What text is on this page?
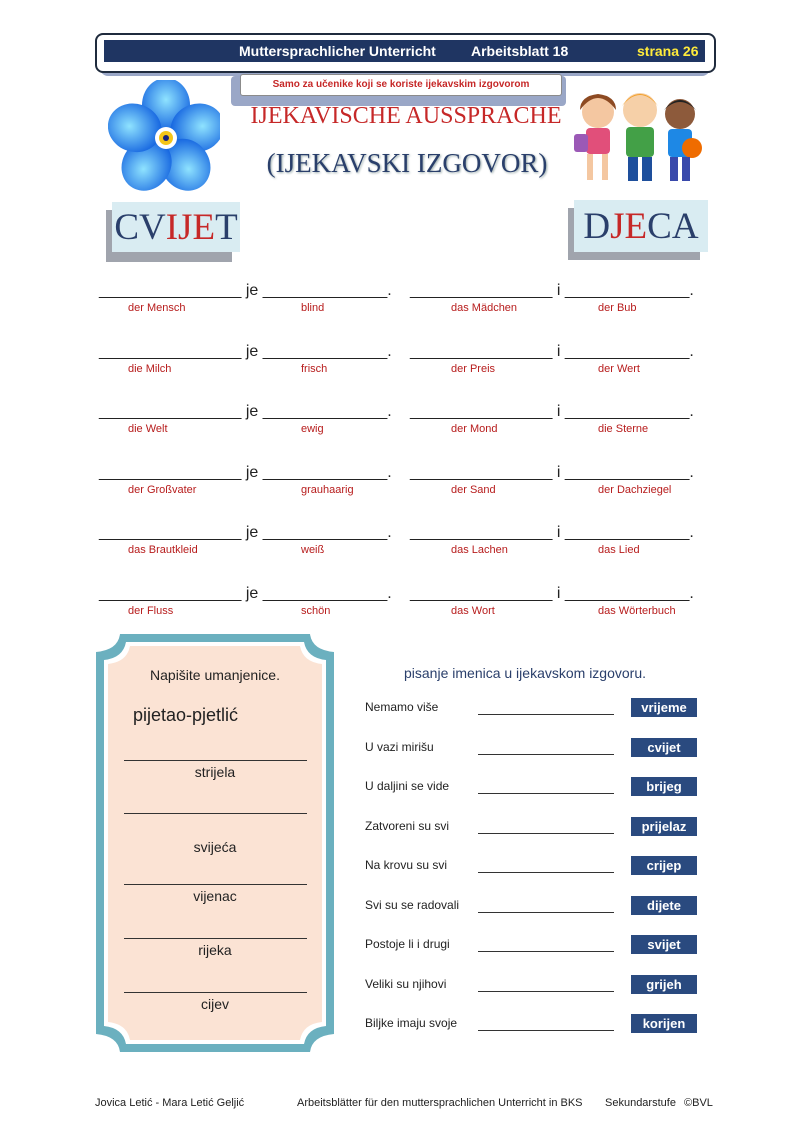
Muttersprachlicher Unterricht	Arbeitsblatt 18	strana 26
Samo za učenike koji se koriste ijekavskim izgovorom
IJEKAVISCHE AUSSPRACHE
(IJEKAVSKI IZGOVOR)
CV IJE T	D JE CA
________________ je ______________. ________________ i ______________.
der Mensch	blind	das Mädchen	der Bub
________________ je ______________. ________________ i ______________.
die Milch	frisch	der Preis	der Wert
________________ je ______________. ________________ i ______________.
die Welt	ewig	der Mond	die Sterne
________________ je ______________. ________________ i ______________.
der Großvater	grauhaarig	der Sand	der Dachziegel
________________ je ______________. ________________ i ______________.
das Brautkleid	weiß	das Lachen	das Lied
________________ je ______________. ________________ i ______________.
der Fluss	schön	das Wort	das Wörterbuch
Napišite umanjenice.
pijetao-pjetlić
strijela
svijeća
vijenac
rijeka
cijev
pisanje imenica u ijekavskom izgovoru.
Nemamo više	vrijeme
U vazi mirišu	cvijet
U daljini se vide	brijeg
Zatvoreni su svi	prijelaz
Na krovu su svi	crijep
Svi su se radovali	dijete
Postoje li i drugi	svijet
Veliki su njihovi	grijeh
Biljke imaju svoje	korijen
Jovica Letić - Mara Letić Geljić	Arbeitsblätter für den muttersprachlichen Unterricht in BKS Sekundarstufe ©BVL
